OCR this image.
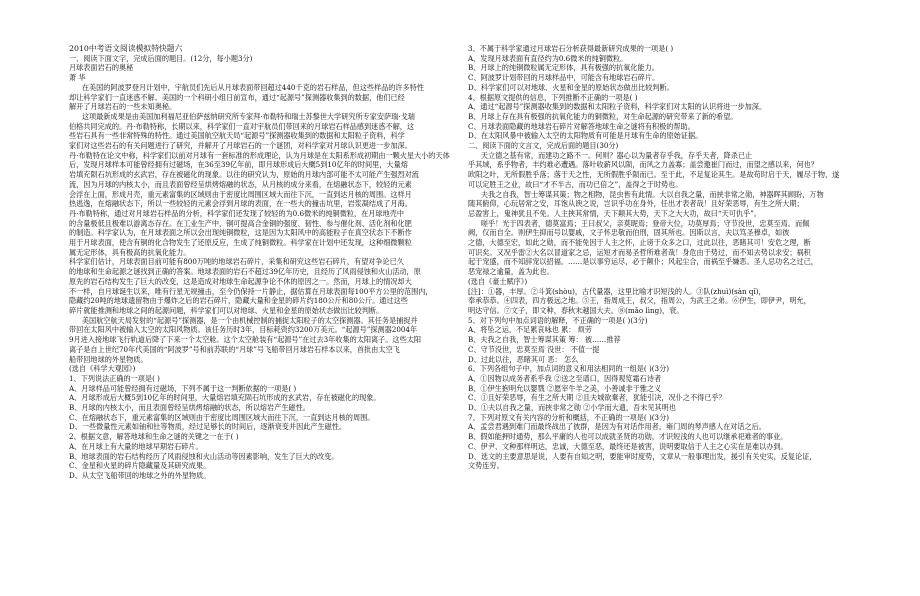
2010中考语文阅读模拟特快题六
一、阅读下面文字，完成后面的题目。(12分，每小题3分)
月球表面岩石的奥秘
萧 华
在美国的阿波罗登月计划中，宇航员们先后从月球表面带回超过440千克的岩石样品，但这些样品的许多特性
却让科学家们一直迷惑不解。美国的一个科研小组日前宣布，通过“起源号”探测器收集到的数据，他们已经
解开了月球岩石的一些未知奥秘。
这项最新成果是由美国加利福尼亚伯萨兹纳研究所专家拜·布勒特和瑞士苏黎世大学研究所专家安萨瑞·戈瑞
伯格共同完成的。丹·布勒特称，长期以来，科学家们一直对宇航员们带回来的月球岩石样品感到迷惑不解，这
些岩石具有一些非常特殊的特性。通过美国航空航天局“起源号”探测器收集到的数据和太阳粒子资料，科学
家们对这些岩石的有关问题进行了研究，并解开了月球岩石的一个谜团，对科学家对月球认识更进一步加深。
丹·布勒特在论文中称，科学家们以前对月球有一套标准的形成理论，认为月球是在太阳系形成初期由一颗火星大小的天体
后，发现月球样本可能曾经拥有过磁场，在36至39亿年前，即月球形成后大概5到10亿年的时间里，大量熔
岩填充陨石坑形成的玄武岩，存在被磁化的现象。以往的研究认为，原始的月球内部可能不太可能产生强烈对流
流，因为月球的内核太小，而且表面曾经呈烘烤熔融的状态，从月核的成分来看，在熔融状态下，较轻的元素
会浮在上面，形成月壳，重元素富集的区域则由于密度比周围区域大而往下沉，一直到达月核的周围。这样月
热逃逸，在熔融状态下，所以一些较轻的元素会浮到月球的表面，在一些大的撞击坑里，岩浆凝结成了月海。
丹·布勒特称，通过对月球岩石样品的分析，科学家们还发现了较轻的为0.6微米的纯铜微粒，在月球地壳中
的含量极低且极难以游离态存在。在工业生产中，铜可提高合金铜的强度、韧性、参与催化剂、活化剂和化肥
的制造。科学家认为，在月球表面之所以会出现纯铜微粒，这是因为太阳风中的高能粒子在真空状态下不断作
用于月球表面，使含有铜的化合物发生了还原反应，生成了纯铜微粒。科学家在计划中还发现，这种细微颗粒
属无定形体，具有极高的抗氧化能力。
科学家们估计，月球表面目前可能有800万吨的地球岩石碎片，采集和研究这些岩石碎片，有望对争论已久
的地球和生命起源之谜找到正确的答案。地球表面的岩石不超过39亿年历史，且经历了风雨侵蚀和火山活动，原
原先的岩石结构发生了巨大的改变，这是造成对地球生命起源争论不休的原因之一。然而，月球上的情况却大
不一样，自月球诞生以来，唯有行星无规撞击，至今仍保持一片静止，据估算在月球表面每100平方公里的范围内，
隐藏约20吨的地球遗留物由于爆炸之后的岩石碎片，隐藏大量和金星的碎片约180公斤和80公斤。通过这些
碎片就能推测和地球之间的起源问题，科学家们可以对地球、火星和金星的原始状态做出比较判断。
美国航空航天局发射的“起源号”探测器，是一个由机械控制的捕捉太阳粒子的太空探测器。其任务是捕捉并
带回在太阳风中被输入太空的太阳风物质。该任务历时3年，目标耗资约3200万美元。“起源号”探测器2004年
9月进入接地球飞行轨道后降了下来一个太空舱。这个太空舱装有“起源号”在过去3年收集的太阳离子。这些太阳
离子是自上世纪70年代美国的“阿波罗”号和前苏联的“月球”号飞船带回月球岩石样本以来，首批由太空飞
船带回地球的外星物质。
(选自《科学大观园》)
1、下列说法正确的一项是( )
A、月球样品可能曾经拥有过磁场，下列不属于这一判断依据的一项是( )
A、月球形成后大概5到10亿年的时间里，大量熔岩填充陨石坑形成的玄武岩，存在被磁化的现象。
B、月球的内核太小，而且表面曾经呈烘烤熔融的状态，所以熔岩产生磁性。
C、在熔融状态下，重元素富集的区域则由于密度比周围区域大而往下沉，一直到达月核的周围。
D、一些微量性元素如铀和钍等物质，经过足够长的时间后，逐渐衰变并因此产生磁性。
2、根据文意，解答地球和生命之谜的关键之一在于( )
A、在月球上有大量的地球早期岩石碎片。
B、地球表面的岩石结构经历了风雨侵蚀和火山活动等因素影响，发生了巨大的改变。
C、金星和火星的碎片隐藏量及其研究成果。
D、从太空飞船带回的地球之外的外星物质。
3、不属于科学家通过月球岩石分析获得最新研究成果的一项是( )
A、发现月球表面有直径约为0.6微米的纯铜微粒。
B、月球上的纯铜微粒属无定形体，具有极强的抗氧化能力。
C、阿波罗计划带回的月球样品中，可能含有地球岩石碎片。
D、科学家们可以对地球、火星和金星的原始状态做出比较判断。
4、根据原文提供的信息，下列推断不正确的一项是( )
A、通过“起源号”探测器收集到的数据和太阳粒子资料，科学家们对太阳的认识将进一步加深。
B、月球上存在具有极强的抗氧化能力的铜微粒，对生命起源的研究带来了新的希望。
C、月球表面隐藏的地球岩石碎片对解答地球生命之谜将有积极的帮助。
D、在太阳风暴中被输入太空的太阳物质有可能是月球有生命的原始证据。
二、阅读下面的文言文，完成后面的题目(30分)
天立德之基有常，而建功之路不一。何则？器心以为量者存乎我，存乎天者，降杀已止
乎其域，系乎物者，丰约难必遭遇。落叶收薪风以陨，而风之力盖寡；盖尝邀崔门而过，而望之感以来，何也？
欧阳之叶，无所假胜乎落；落于天之性，无所假胜乎陨而已。至于此，不足复论其生。是故苟时启于天，履尽于物，遂
可以定胜王之业，故曰“才不半古，而功已倍之”，盖得之于时势也。
夫我之自我，智士筹谋其策；物之相物，昆虫皆有此情。大以自我之量，而挟非常之勋，神器晖其顾盼，万物
随其俯仰，心玩居常之安，耳饱从谀之说，岂识乎功在身外，任出才表者哉！且好荣恶辱，有生之所大期；
忌盈害上，鬼神犹且不免。人主挟其常情，天下颠其大势，天下之大大功，故曰“天可仇乎”。
嗟乎！光于四表者，德莫富焉；王曰叔父，亲莫昵焉；登帝大位，功莫厚焉；守节没世，忠莫至焉。而佩
阙，仅而自全。则伊生抑而号以婴戚，文子怀忠敬而伯刑，固其所也。因斯以言，夫以笃圣穆卓，如彼
之德，大德至宏，如此之勋，而不能免因于人主之怀，止谤于众多之口，过此以往，恶睹其可！安危之理，断
可识矣。又况乎雷②大名以冒道家之忌，运短才而易圣哲所难者哉！身危由于势过，而不知去势以求安；祸积
起于宠盛，而不知辞宠以招福。……是以事穷运尽，必于颠仆；风起尘合，而祸至乎嫌恶。圣人忌功名之过己，
恶宠禄之逾量，盖为此也。
(选自《豪士赋序》)
[注]：①器，丰厚。②斗箕(shòu)，古代量器，这里比喻才识短浅的人。③队(zhuì)(sàn qǐ)，
奉承恭恭。④四表，四方极远之地。⑤王，指周成王，叔父，指周公，为武王之弟。⑥伊生，即伊尹，明允，
明达守信。⑦文子，即文种，春秋末越国大夫。⑧(mǎo lìng)，衰。
5、对下列句中加点词语的解释，不正确的一项是( )(3分)
A、将坠之运，不足累哀咏也 累： 烦劳
B、夫我之自我，智士筹谋其策 筹： 被……推荐
C、守节没世，忠莫至焉 没世： 不值一提
D、过此以往，恶睹其可 恶： 怎么
6、下列各组句子中，加点词的意义和用法相同的一组是( )(3分)
A、①因物以成务者系乎我 ②送之至谱口，因得观览霜石诗者
B、①伊生抱明允以婴戮 ②愿宰牛羊之美，小善诚非于雅之义
C、①且好荣恶辱，有生之所大期 ②且夫城欲棄者，犹能引决，况仆之不得已乎？
D、①夫以自我之量，而挟非常之勋 ②小学而大遗，吾未见其明也
7、下列对原文有关内容的分析和概括，不正确的一项是( )(3分)
A、孟尝君遇到难门而最终战出了彼群，是因为有对话作用者，雍门周的琴声感人在对话之后。
B、假如能押时通势，那么平庸的人也可以成就圣贤的功勋，才识短浅的人也可以继承祀难者的事业。
C、伊尹、文种那样明达，忠诚，大德至恶，最终还是被害，说明要取信于人主之心实在是难以办到。
D、选文的主要意思是说，人要有自知之明，要能审时度势，文章从一般事理出发，援引有关史实，反复论证，
文势连穷。
